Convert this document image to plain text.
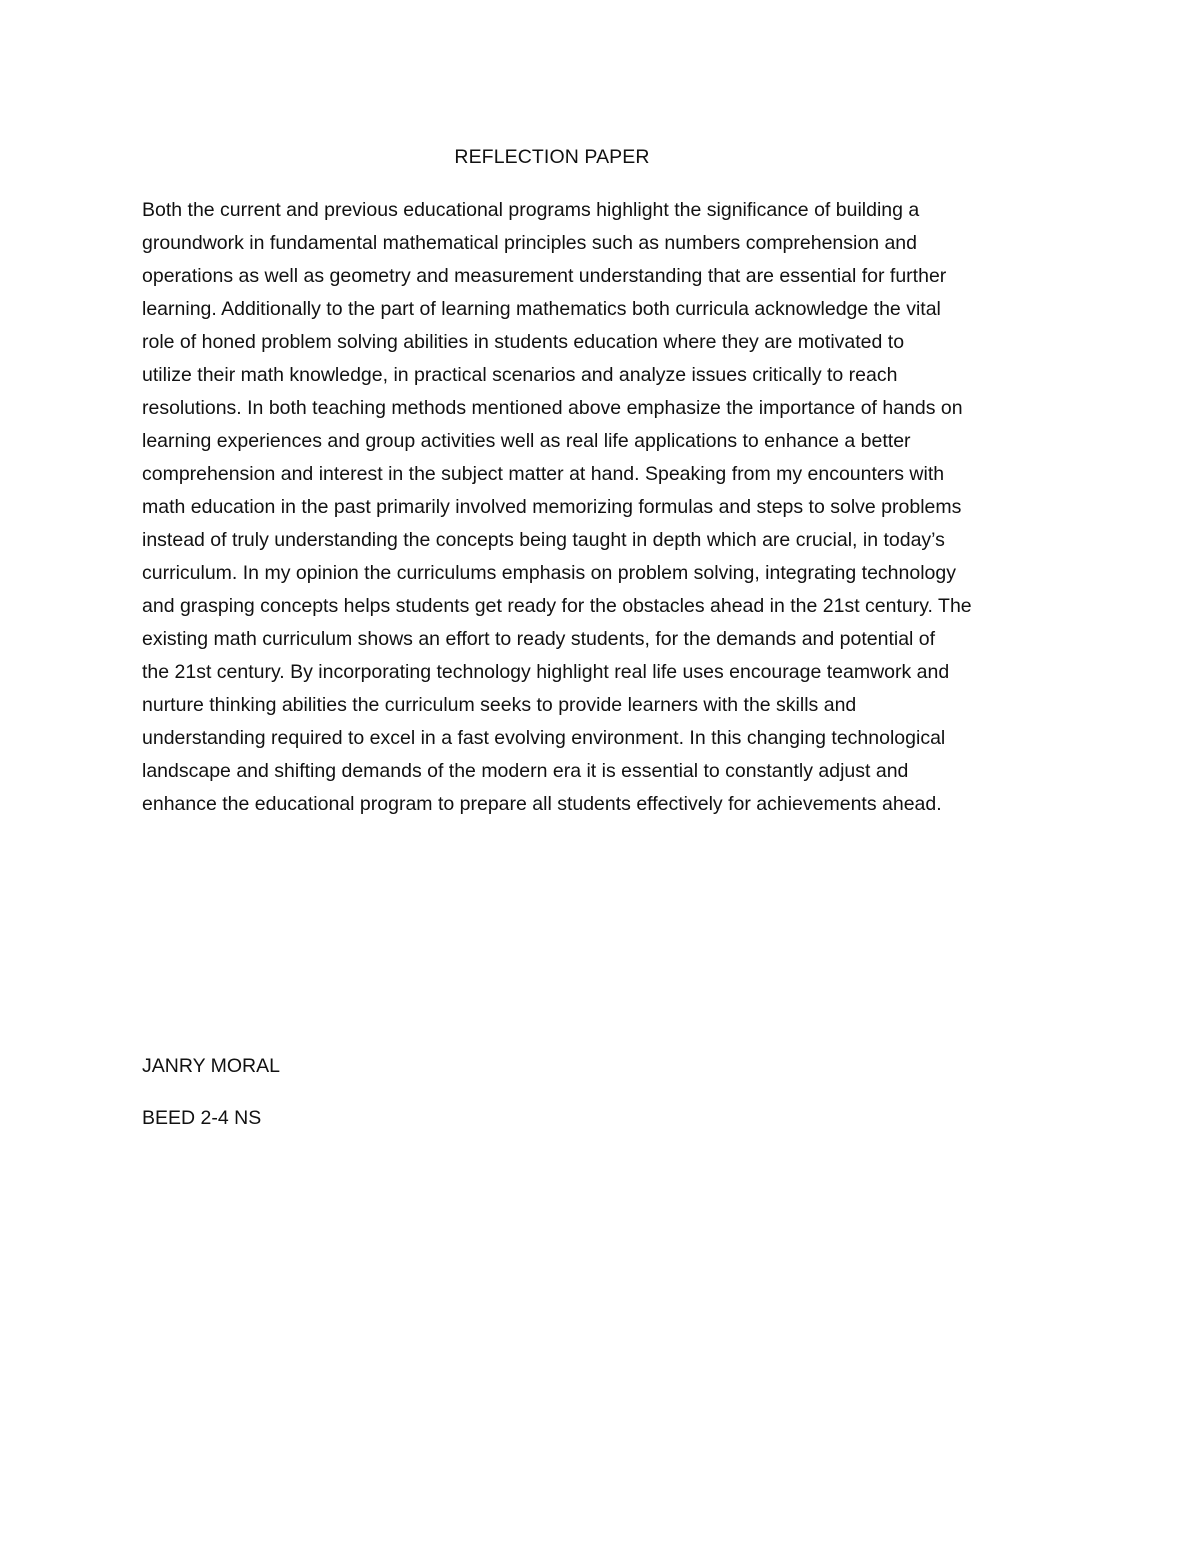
REFLECTION PAPER

Both the current and previous educational programs highlight the significance of building a
groundwork in fundamental mathematical principles such as numbers comprehension and
operations as well as geometry and measurement understanding that are essential for further
learning. Additionally to the part of learning mathematics both curricula acknowledge the vital
role of honed problem solving abilities in students education where they are motivated to
utilize their math knowledge, in practical scenarios and analyze issues critically to reach
resolutions. In both teaching methods mentioned above emphasize the importance of hands on
learning experiences and group activities well as real life applications to enhance a better
comprehension and interest in the subject matter at hand. Speaking from my encounters with
math education in the past primarily involved memorizing formulas and steps to solve problems
instead of truly understanding the concepts being taught in depth which are crucial, in today’s
curriculum. In my opinion the curriculums emphasis on problem solving, integrating technology
and grasping concepts helps students get ready for the obstacles ahead in the 21st century. The
existing math curriculum shows an effort to ready students, for the demands and potential of
the 21st century. By incorporating technology highlight real life uses encourage teamwork and
nurture thinking abilities the curriculum seeks to provide learners with the skills and
understanding required to excel in a fast evolving environment. In this changing technological
landscape and shifting demands of the modern era it is essential to constantly adjust and
enhance the educational program to prepare all students effectively for achievements ahead.

JANRY MORAL
BEED 2-4 NS
